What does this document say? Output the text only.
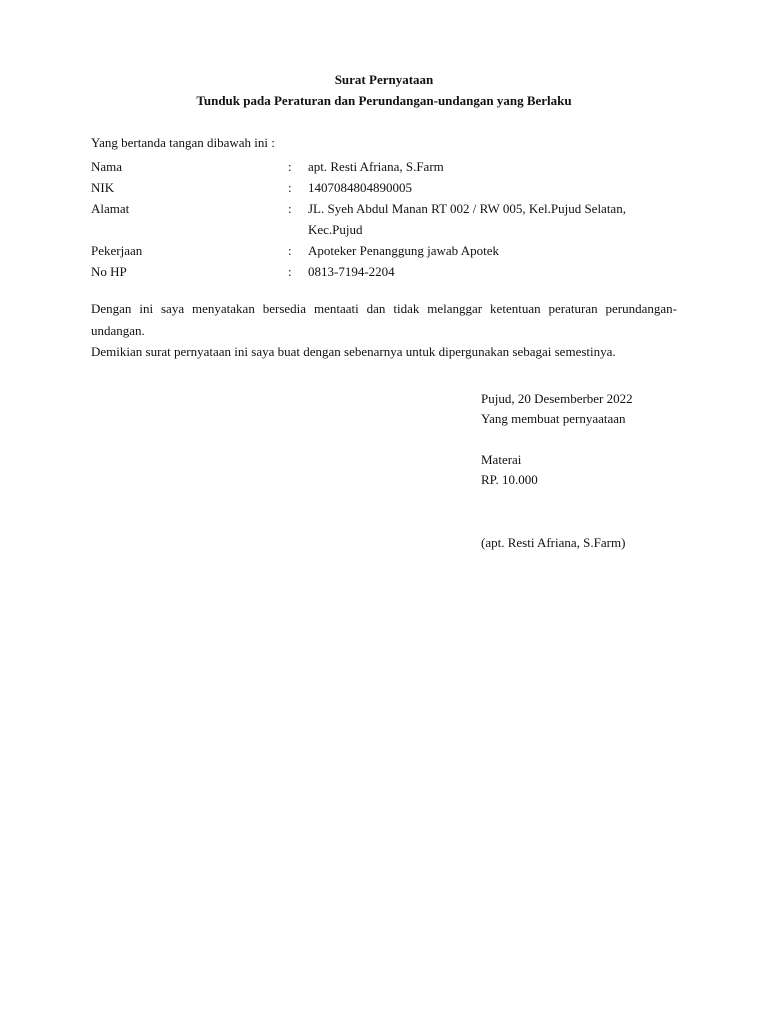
Surat Pernyataan
Tunduk pada Peraturan dan Perundangan-undangan yang Berlaku
Yang bertanda tangan dibawah ini :
Nama	: apt. Resti Afriana, S.Farm
NIK	: 1407084804890005
Alamat	: JL. Syeh Abdul Manan RT 002 / RW 005, Kel.Pujud Selatan, Kec.Pujud
Pekerjaan	: Apoteker Penanggung jawab Apotek
No HP	: 0813-7194-2204
Dengan ini saya menyatakan bersedia mentaati dan tidak melanggar ketentuan peraturan perundangan-undangan.
Demikian surat pernyataan ini saya buat dengan sebenarnya untuk dipergunakan sebagai semestinya.
Pujud, 20 Desemberber 2022
Yang membuat pernyaataan
Materai
RP. 10.000
(apt. Resti Afriana, S.Farm)
